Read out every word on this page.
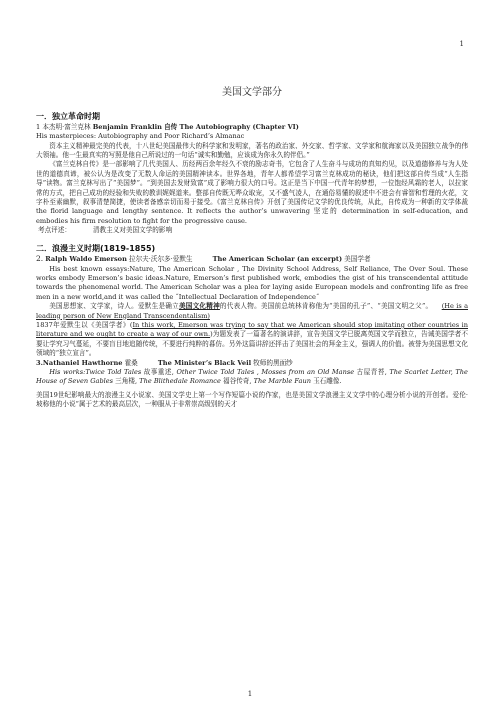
1
美国文学部分
一．独立革命时期

1 本杰明·富兰克林 Benjamin Franklin 自传 The Autobiography (Chapter VI)

His masterpieces: Autobiography and Poor Richard’s Almanac

资本主义精神最完美的代表，十八世纪美国最伟大的科学家和发明家，著名的政治家、外交家、哲学家、文学家和航海家以及美国独立战争的伟大领袖。他一生最真实的写照是他自己所说过的一句话“诚实和勤勉，应该成为你永久的伴侣。”

《富兰克林自传》是一部影响了几代美国人、历经两百余年经久不衰的励志奇书，它包含了人生奋斗与成功的真知灼见，以及道德修养与为人处世的道德真谛，被公认为是改变了无数人命运的美国精神读本。世界各地，青年人都希望学习富兰克林成功的秘诀，他们把这部自传当成“人生指导”读物。富兰克林写出了“美国梦”。“到美国去发财致富”成了影响力很大的口号。这正是当下中国一代青年的梦想，一位饱经风霜的老人，以拉家常的方式，把自己成功的经验和失败的教训娓娓道来。整部自传既无哗众取宠，又不盛气凌人，在通俗易懂的叙述中不进会有睿智和哲理的火花，文字朴至素幽默，叙事清楚简捷，使读者备感亲切而易于接受。《富兰克林自传》开创了美国传记文学的优良传统，从此，自传成为一种新的文学体裁 the florid language and lengthy sentence. It reflects the author’s unwavering 坚定的 determination in self-education, and embodies his firm resolution to fight for the progressive cause.

考点评述：	清教主义对美国文学的影响

二．浪漫主义时期(1819-1855)

2. Ralph Waldo Emerson 拉尔夫·沃尔多·爱默生	The American Scholar (an excerpt) 美国学者

His best known essays:Nature, The American Scholar , The Divinity School Address, Self Reliance, The Over Soul. These works embody Emerson’s basic ideas.Nature, Emerson’s first published work, embodies the gist of his transcendental attitude towards the phenomenal world. The American Scholar was a plea for laying aside European models and confronting life as free men in a new world,and it was called the ˝Intellectual Declaration of Independence˝

美国思想家、文学家，诗人。爱默生是确立美国文化精神的代表人物。美国前总统林肯称他为“美国的孔子”、“美国文明之父”。 (He is a leading person of New England Transcendentalism)

1837年爱默生以《美国学者》(In this work, Emerson was trying to say that we American should stop imitating other countries in literature and we ought to create a way of our own.)为题发表了一篇著名的演讲辞，宣告美国文学已脱离英国文学而独立，告诫美国学者不要让学究习气蔓延，不要盲目地追随传统，不要进行纯粹的暮仿。另外这篇讲辞还抨击了美国社会的拜金主义，强调人的价值。被誉为美国思想文化领域的“独立宣言”。

3.Nathaniel Hawthorne 霍桑	The Minister’s Black Veil 牧师的黑面纱

His works:Twice Told Tales 故事重述, Other Twice Told Tales , Mosses from an Old Manse 古屋青苔, The Scarlet Letter, The House of Seven Gables 三角楼, The Blithedale Romance 福谷传奇, The Marble Faun 玉石雕像.

美国19世纪影响最大的浪漫主义小说家、美国文学史上第一个写作短篇小说的作家，也是美国文学浪漫主义文学中的心理分析小说的开创者。爱伦·坡称他的小说“属于艺术的最高层次，一种服从于非常崇高级别的天才

1
